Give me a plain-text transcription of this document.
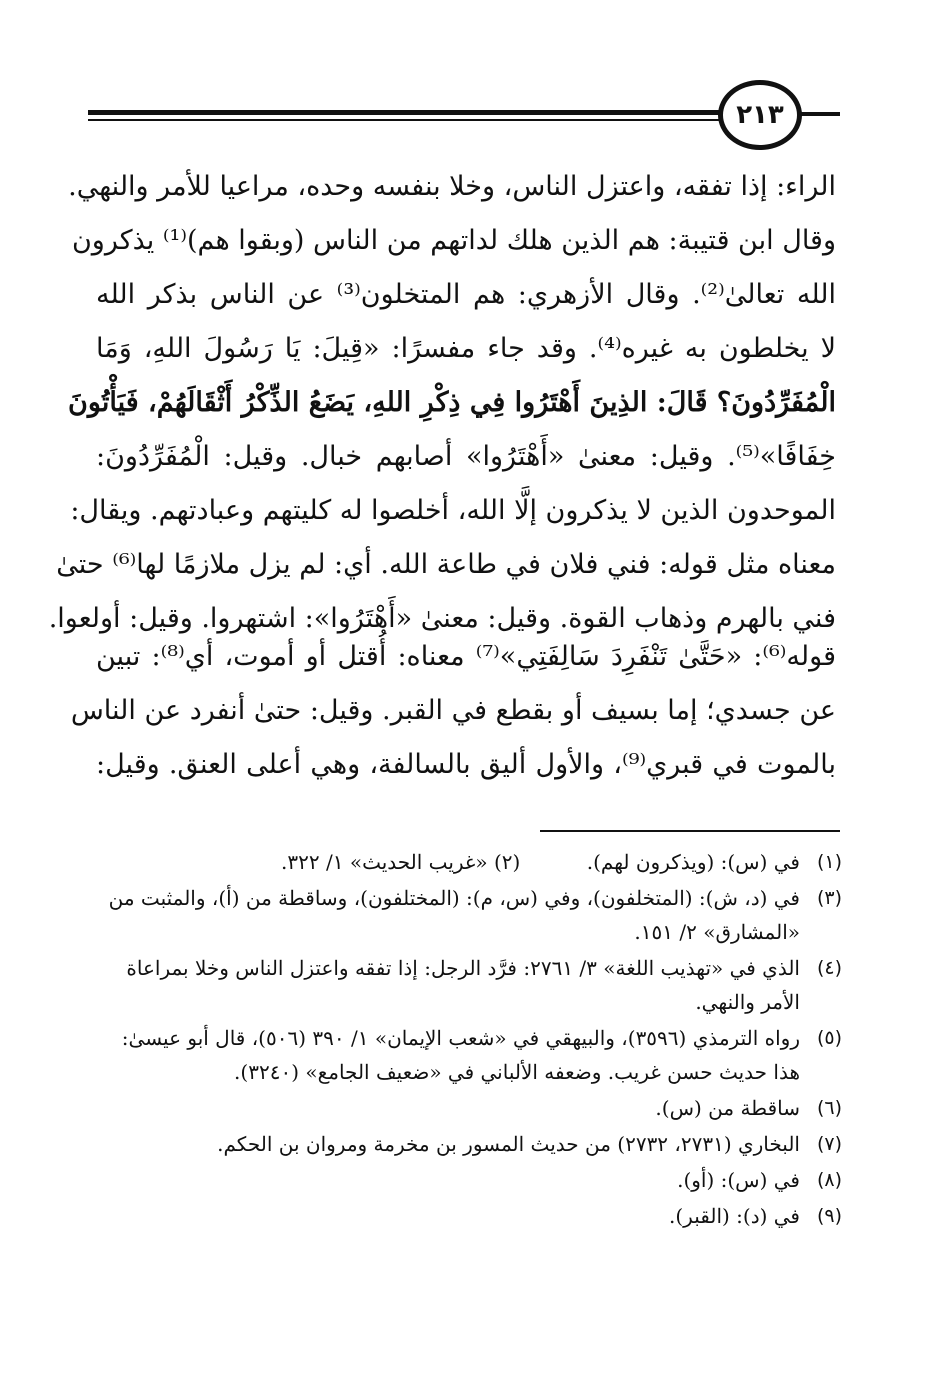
٢١٣
الراء: إذا تفقه، واعتزل الناس، وخلا بنفسه وحده، مراعيا للأمر والنهي.
وقال ابن قتيبة: هم الذين هلك لداتهم من الناس (وبقوا هم)⁽¹⁾ يذكرون
الله تعالىٰ⁽²⁾. وقال الأزهري: هم المتخلون⁽³⁾ عن الناس بذكر الله
لا يخلطون به غيره⁽⁴⁾. وقد جاء مفسرًا: «قِيلَ: يَا رَسُولَ اللهِ، وَمَا
الْمُفَرِّدُونَ؟ قَالَ: الذِينَ أَهْتَرُوا فِي ذِكْرِ اللهِ، يَضَعُ الذِّكْرُ أَثْقَالَهُمْ، فَيَأْتُونَ
خِفَافًا»⁽⁵⁾. وقيل: معنىٰ «أَهْتَرُوا» أصابهم خبال. وقيل: الْمُفَرِّدُونَ:
الموحدون الذين لا يذكرون إلَّا الله، أخلصوا له كليتهم وعبادتهم. ويقال:
معناه مثل قوله: فني فلان في طاعة الله. أي: لم يزل ملازمًا لها⁽⁶⁾ حتىٰ
فني بالهرم وذهاب القوة. وقيل: معنىٰ «أَهْتَرُوا»: اشتهروا. وقيل: أولعوا.
قوله⁽⁶⁾: «حَتَّىٰ تَنْفَرِدَ سَالِفَتِي»⁽⁷⁾ معناه: أُقتل أو أموت، أي⁽⁸⁾: تبين
عن جسدي؛ إما بسيف أو بقطع في القبر. وقيل: حتىٰ أنفرد عن الناس
بالموت في قبري⁽⁹⁾، والأول أليق بالسالفة، وهي أعلى العنق. وقيل:
(١)
في (س): (ويذكرون لهم). (٢) «غريب الحديث» ١/ ٣٢٢.
(٣)
في (د، ش): (المتخلفون)، وفي (س، م): (المختلفون)، وساقطة من (أ)، والمثبت من «المشارق» ٢/ ١٥١.
(٤)
الذي في «تهذيب اللغة» ٣/ ٢٧٦١: فرَّد الرجل: إذا تفقه واعتزل الناس وخلا بمراعاة الأمر والنهي.
(٥)
رواه الترمذي (٣٥٩٦)، والبيهقي في «شعب الإيمان» ١/ ٣٩٠ (٥٠٦)، قال أبو عيسىٰ: هذا حديث حسن غريب. وضعفه الألباني في «ضعيف الجامع» (٣٢٤٠).
(٦)
ساقطة من (س).
(٧)
البخاري (٢٧٣١، ٢٧٣٢) من حديث المسور بن مخرمة ومروان بن الحكم.
(٨)
في (س): (أو).
(٩)
في (د): (القبر).
